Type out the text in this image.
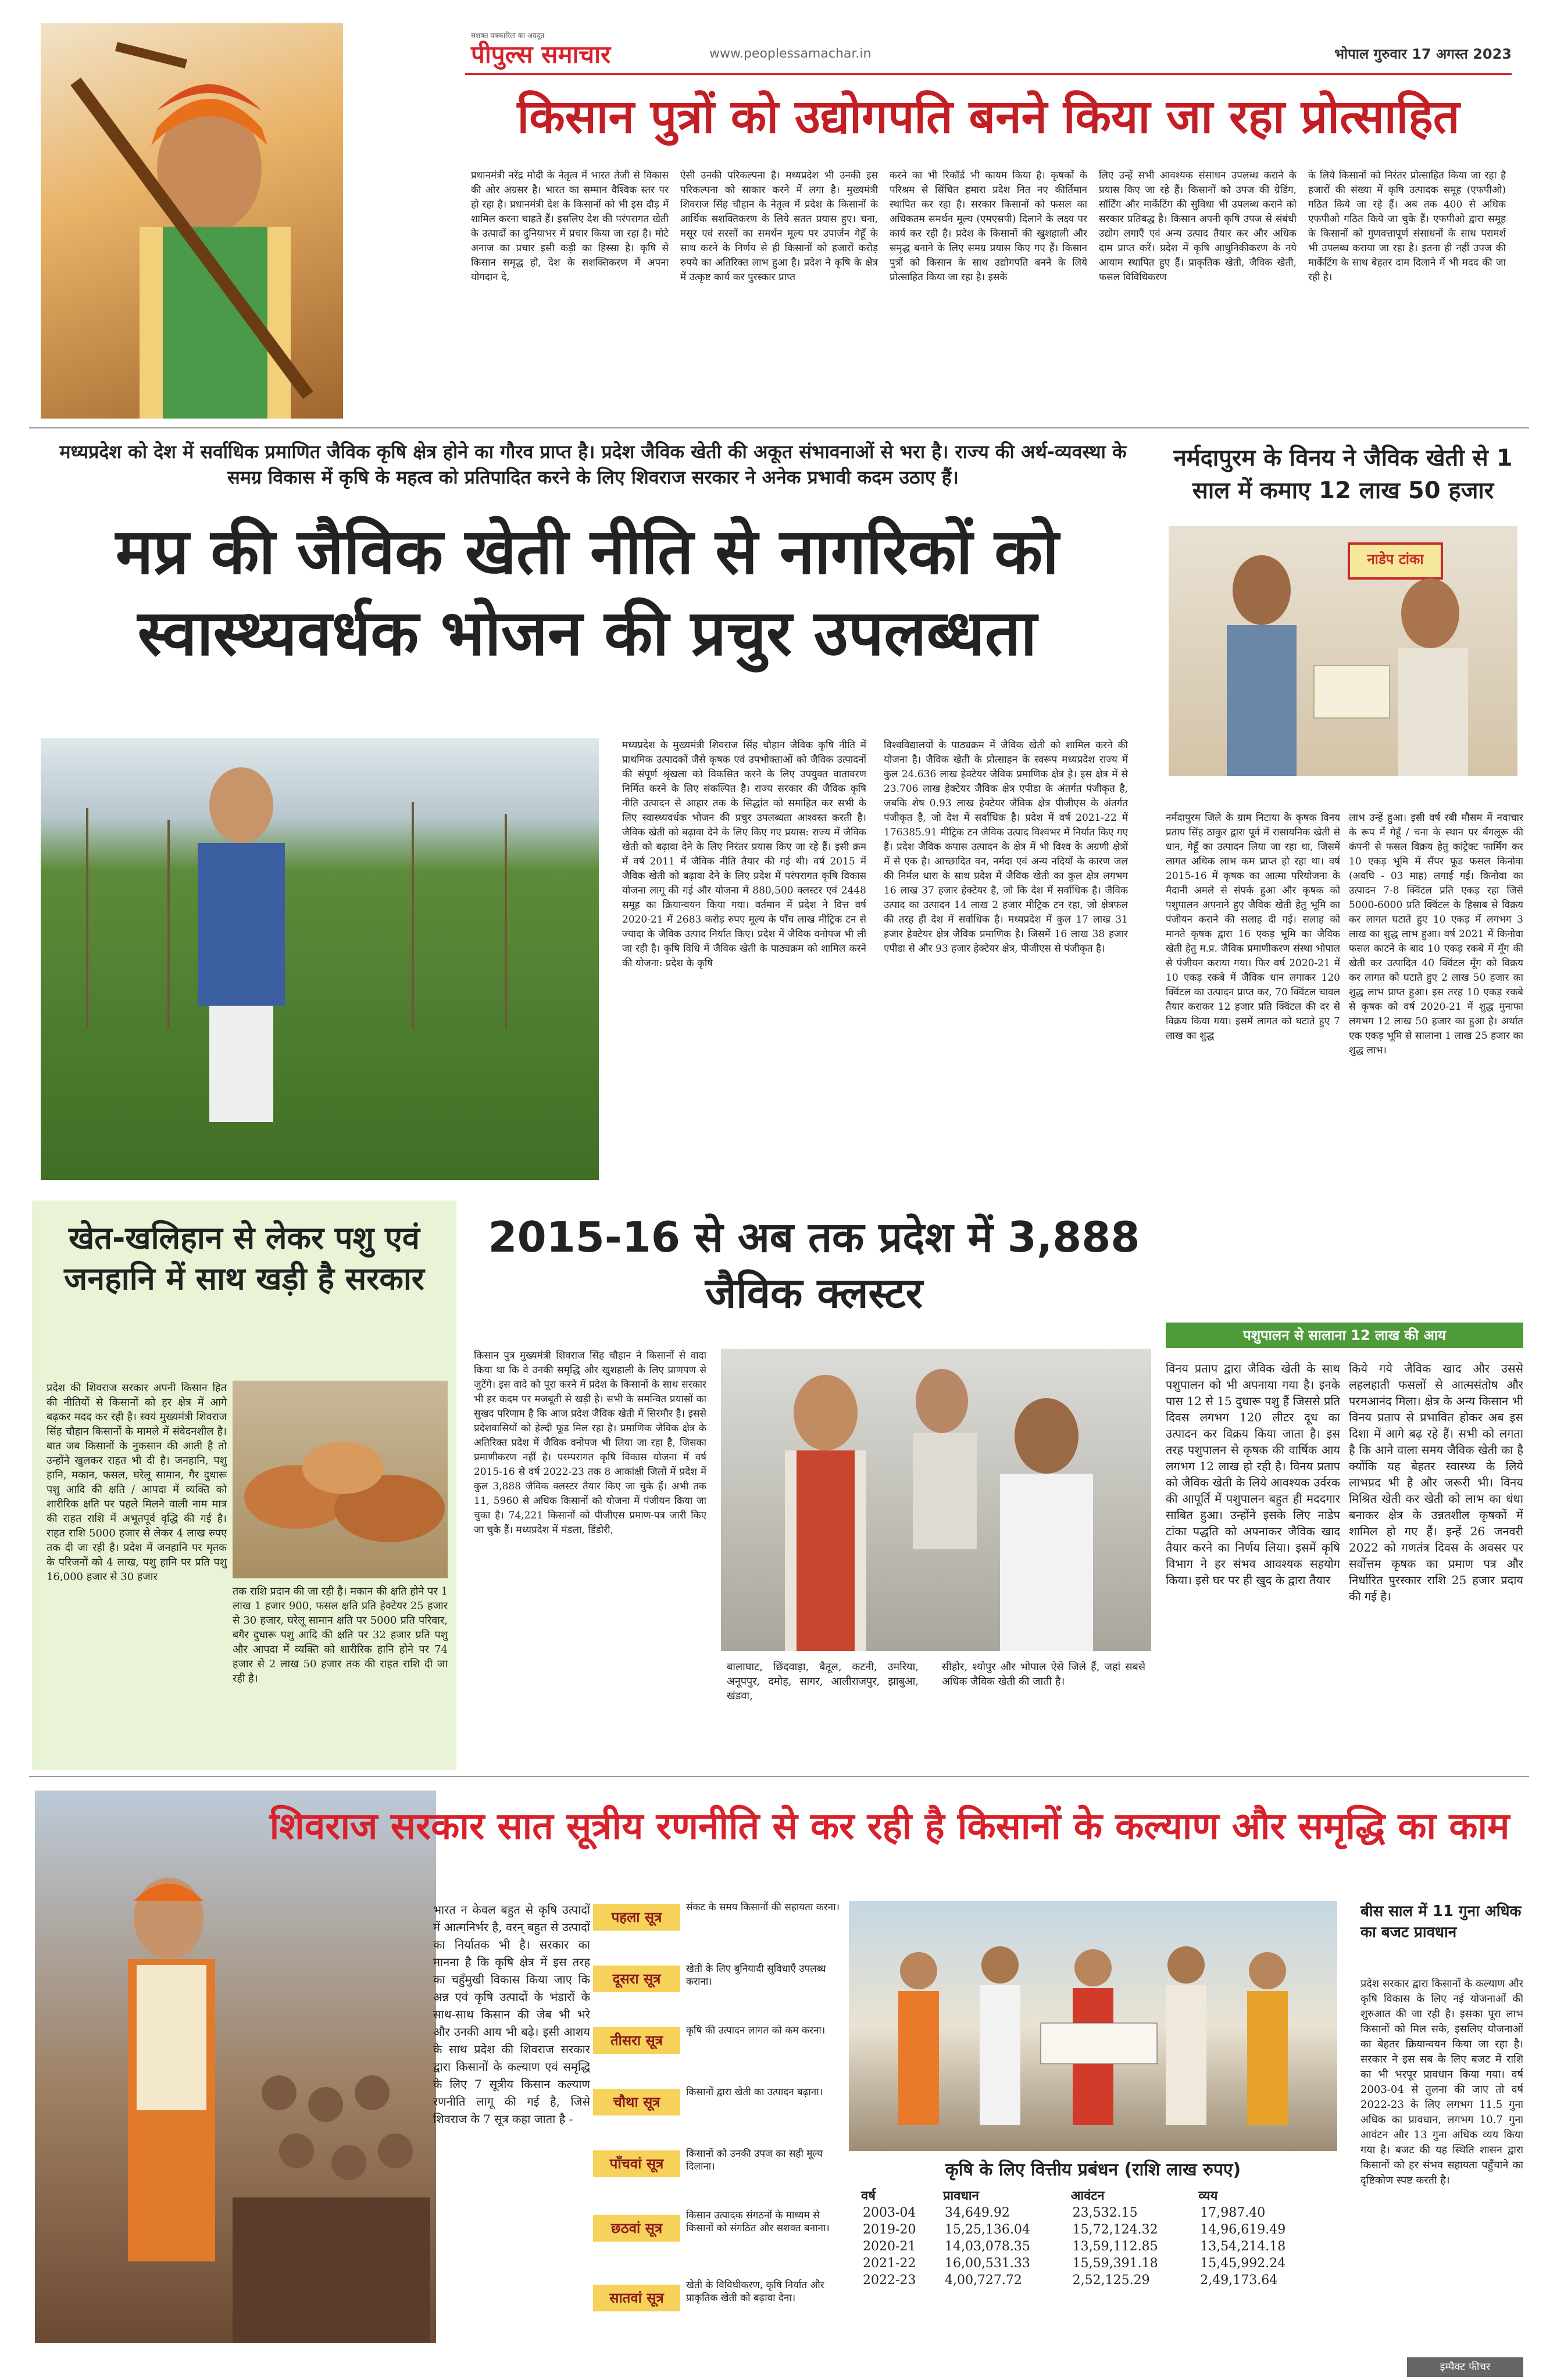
सशक्त पत्रकारिता का अग्रदूत
पीपुल्स समाचार	www.peoplessamachar.in	भोपाल गुरुवार 17 अगस्त 2023
किसान पुत्रों को उद्योगपति बनने किया जा रहा प्रोत्साहित
प्रधानमंत्री नरेंद्र मोदी के नेतृत्व में भारत तेजी से विकास की ओर अग्रसर है। भारत का सम्मान वैश्विक स्तर पर हो रहा है। प्रधानमंत्री देश के किसानों को भी इस दौड़ में शामिल करना चाहते हैं। इसलिए देश की परंपरागत खेती के उत्पादों का दुनियाभर में प्रचार किया जा रहा है। मोटे अनाज का प्रचार इसी कड़ी का हिस्सा है। कृषि से किसान समृद्ध हो, देश के सशक्तिकरण में अपना योगदान दे,
ऐसी उनकी परिकल्पना है। मध्यप्रदेश भी उनकी इस परिकल्पना को साकार करने में लगा है। मुख्यमंत्री शिवराज सिंह चौहान के नेतृत्व में प्रदेश के किसानों के आर्थिक सशक्तिकरण के लिये सतत प्रयास हुए। चना, मसूर एवं सरसों का समर्थन मूल्य पर उपार्जन गेहूँ के साथ करने के निर्णय से ही किसानों को हजारों करोड़ रुपये का अतिरिक्त लाभ हुआ है। प्रदेश ने कृषि के क्षेत्र में उत्कृष्ट कार्य कर पुरस्कार प्राप्त
करने का भी रिकॉर्ड भी कायम किया है। कृषकों के परिश्रम से सिंचित हमारा प्रदेश नित नए कीर्तिमान स्थापित कर रहा है। सरकार किसानों को फसल का अधिकतम समर्थन मूल्य (एमएसपी) दिलाने के लक्ष्य पर कार्य कर रही है। प्रदेश के किसानों की खुशहाली और समृद्ध बनाने के लिए समग्र प्रयास किए गए हैं। किसान पुत्रों को किसान के साथ उद्योगपति बनने के लिये प्रोत्साहित किया जा रहा है। इसके
लिए उन्हें सभी आवश्यक संसाधन उपलब्ध कराने के प्रयास किए जा रहे हैं। किसानों को उपज की ग्रेडिंग, सॉर्टिंग और मार्केटिंग की सुविधा भी उपलब्ध कराने को सरकार प्रतिबद्ध है। किसान अपनी कृषि उपज से संबंधी उद्योग लगाएँ एवं अन्य उत्पाद तैयार कर और अधिक दाम प्राप्त करें। प्रदेश में कृषि आधुनिकीकरण के नये आयाम स्थापित हुए हैं। प्राकृतिक खेती, जैविक खेती, फसल विविधिकरण
के लिये किसानों को निरंतर प्रोत्साहित किया जा रहा है हजारों की संख्या में कृषि उत्पादक समूह (एफपीओ) गठित किये जा रहे हैं। अब तक 400 से अधिक एफपीओ गठित किये जा चुके हैं। एफपीओ द्वारा समूह के किसानों को गुणवत्तापूर्ण संसाधनों के साथ परामर्श भी उपलब्ध कराया जा रहा है। इतना ही नहीं उपज की मार्केटिंग के साथ बेहतर दाम दिलाने में भी मदद की जा रही है।
मध्यप्रदेश को देश में सर्वाधिक प्रमाणित जैविक कृषि क्षेत्र होने का गौरव प्राप्त है। प्रदेश जैविक खेती की अकूत संभावनाओं से भरा है। राज्य की अर्थ-व्यवस्था के समग्र विकास में कृषि के महत्व को प्रतिपादित करने के लिए शिवराज सरकार ने अनेक प्रभावी कदम उठाए हैं।
मप्र की जैविक खेती नीति से नागरिकों को स्वास्थ्यवर्धक भोजन की प्रचुर उपलब्धता
मध्यप्रदेश के मुख्यमंत्री शिवराज सिंह चौहान जैविक कृषि नीति में प्राथमिक उत्पादकों जैसे कृषक एवं उपभोक्ताओं को जैविक उत्पादनों की संपूर्ण श्रृंखला को विकसित करने के लिए उपयुक्त वातावरण निर्मित करने के लिए संकल्पित है। राज्य सरकार की जैविक कृषि नीति उत्पादन से आहार तक के सिद्धांत को समाहित कर सभी के लिए स्वास्थ्यवर्धक भोजन की प्रचुर उपलब्धता आश्वस्त करती है। जैविक खेती को बढ़ावा देने के लिए किए गए प्रयास: राज्य में जैविक खेती को बढ़ावा देने के लिए निरंतर प्रयास किए जा रहे हैं। इसी क्रम में वर्ष 2011 में जैविक नीति तैयार की गई थी। वर्ष 2015 में जैविक खेती को बढ़ावा देने के लिए प्रदेश में परंपरागत कृषि विकास योजना लागू की गई और योजना में 880,500 क्लस्टर एवं 2448 समूह का क्रियान्वयन किया गया। वर्तमान में प्रदेश ने वित्त वर्ष 2020-21 में 2683 करोड़ रुपए मूल्य के पाँच लाख मीट्रिक टन से ज्यादा के जैविक उत्पाद निर्यात किए। प्रदेश में जैविक वनोपज भी ली जा रही है। कृषि विधि में जैविक खेती के पाठ्यक्रम को शामिल करने की योजना: प्रदेश के कृषि
विश्वविद्यालयों के पाठ्यक्रम में जैविक खेती को शामिल करने की योजना है। जैविक खेती के प्रोत्साहन के स्वरूप मध्यप्रदेश राज्य में कुल 24.636 लाख हेक्टेयर जैविक प्रमाणिक क्षेत्र है। इस क्षेत्र में से 23.706 लाख हेक्टेयर जैविक क्षेत्र एपीडा के अंतर्गत पंजीकृत है, जबकि शेष 0.93 लाख हेक्टेयर जैविक क्षेत्र पीजीएस के अंतर्गत पंजीकृत है, जो देश में सर्वाधिक है। प्रदेश में वर्ष 2021-22 में 176385.91 मीट्रिक टन जैविक उत्पाद विश्वभर में निर्यात किए गए हैं। प्रदेश जैविक कपास उत्पादन के क्षेत्र में भी विश्व के अग्रणी क्षेत्रों में से एक है। आच्छादित वन, नर्मदा एवं अन्य नदियों के कारण जल की निर्मल धारा के साथ प्रदेश में जैविक खेती का कुल क्षेत्र लगभग 16 लाख 37 हजार हेक्टेयर है, जो कि देश में सर्वाधिक है। जैविक उत्पाद का उत्पादन 14 लाख 2 हजार मीट्रिक टन रहा, जो क्षेत्रफल की तरह ही देश में सर्वाधिक है। मध्यप्रदेश में कुल 17 लाख 31 हजार हेक्टेयर क्षेत्र जैविक प्रमाणिक है। जिसमें 16 लाख 38 हजार एपीडा से और 93 हजार हेक्टेयर क्षेत्र, पीजीएस से पंजीकृत है।
नर्मदापुरम के विनय ने जैविक खेती से 1 साल में कमाए 12 लाख 50 हजार
नाडेप टांका
नर्मदापुरम जिले के ग्राम निटाया के कृषक विनय प्रताप सिंह ठाकुर द्वारा पूर्व में रासायनिक खेती से धान, गेहूँ का उत्पादन लिया जा रहा था, जिसमें लागत अधिक लाभ कम प्राप्त हो रहा था। वर्ष 2015-16 में कृषक का आत्मा परियोजना के मैदानी अमले से संपर्क हुआ और कृषक को पशुपालन अपनाने हुए जैविक खेती हेतु भूमि का पंजीयन कराने की सलाह दी गई। सलाह को मानते कृषक द्वारा 16 एकड़ भूमि का जैविक खेती हेतु म.प्र. जैविक प्रमाणीकरण संस्था भोपाल से पंजीयन कराया गया। फिर वर्ष 2020-21 में 10 एकड़ रकबे में जैविक धान लगाकर 120 क्विंटल का उत्पादन प्राप्त कर, 70 क्विंटल चावल तैयार कराकर 12 हजार प्रति क्विंटल की दर से विक्रय किया गया। इसमें लागत को घटाते हुए 7 लाख का शुद्ध
लाभ उन्हें हुआ। इसी वर्ष रबी मौसम में नवाचार के रूप में गेहूँ / चना के स्थान पर बैंगलूरू की कंपनी से फसल विक्रय हेतु कांट्रेक्ट फार्मिंग कर 10 एकड़ भूमि में सैंपर फूड फसल किनोवा (अवधि - 03 माह) लगाई गई। किनोवा का उत्पादन 7-8 क्विंटल प्रति एकड़ रहा जिसे 5000-6000 प्रति क्विंटल के हिसाब से विक्रय कर लागत घटाते हुए 10 एकड़ में लगभग 3 लाख का शुद्ध लाभ हुआ। वर्ष 2021 में किनोवा फसल काटने के बाद 10 एकड़ रकबे में मूँग की खेती कर उत्पादित 40 क्विंटल मूँग को विक्रय कर लागत को घटाते हुए 2 लाख 50 हजार का शुद्ध लाभ प्राप्त हुआ। इस तरह 10 एकड़ रकबे से कृषक को वर्ष 2020-21 में शुद्ध मुनाफा लगभग 12 लाख 50 हजार का हुआ है। अर्थात एक एकड़ भूमि से सालाना 1 लाख 25 हजार का शुद्ध लाभ।
पशुपालन से सालाना 12 लाख की आय
विनय प्रताप द्वारा जैविक खेती के साथ पशुपालन को भी अपनाया गया है। इनके पास 12 से 15 दुधारू पशु हैं जिससे प्रति दिवस लगभग 120 लीटर दूध का उत्पादन कर विक्रय किया जाता है। इस तरह पशुपालन से कृषक की वार्षिक आय लगभग 12 लाख हो रही है। विनय प्रताप को जैविक खेती के लिये आवश्यक उर्वरक की आपूर्ति में पशुपालन बहुत ही मददगार साबित हुआ। उन्होंने इसके लिए नाडेप टांका पद्धति को अपनाकर जैविक खाद तैयार करने का निर्णय लिया। इसमें कृषि विभाग ने हर संभव आवश्यक सहयोग किया। इसे घर पर ही खुद के द्वारा तैयार
किये गये जैविक खाद और उससे लहलहाती फसलों से आत्मसंतोष और परमआनंद मिला। क्षेत्र के अन्य किसान भी विनय प्रताप से प्रभावित होकर अब इस दिशा में आगे बढ़ रहे हैं। सभी को लगता है कि आने वाला समय जैविक खेती का है क्योंकि यह बेहतर स्वास्थ्य के लिये लाभप्रद भी है और जरूरी भी। विनय मिश्रित खेती कर खेती को लाभ का धंधा बनाकर क्षेत्र के उन्नतशील कृषकों में शामिल हो गए हैं। इन्हें 26 जनवरी 2022 को गणतंत्र दिवस के अवसर पर सर्वोत्तम कृषक का प्रमाण पत्र और निर्धारित पुरस्कार राशि 25 हजार प्रदाय की गई है।
खेत-खलिहान से लेकर पशु एवं जनहानि में साथ खड़ी है सरकार
प्रदेश की शिवराज सरकार अपनी किसान हित की नीतियों से किसानों को हर क्षेत्र में आगे बढ़कर मदद कर रही है। स्वयं मुख्यमंत्री शिवराज सिंह चौहान किसानों के मामले में संवेदनशील है। बात जब किसानों के नुकसान की आती है तो उन्होंने खुलकर राहत भी दी है। जनहानि, पशु हानि, मकान, फसल, घरेलू सामान, गैर दुधारू पशु आदि की क्षति / आपदा में व्यक्ति को शारीरिक क्षति पर पहले मिलने वाली नाम मात्र की राहत राशि में अभूतपूर्व वृद्धि की गई है। राहत राशि 5000 हजार से लेकर 4 लाख रुपए तक दी जा रही है। प्रदेश में जनहानि पर मृतक के परिजनों को 4 लाख, पशु हानि पर प्रति पशु 16,000 हजार से 30 हजार
तक राशि प्रदान की जा रही है। मकान की क्षति होने पर 1 लाख 1 हजार 900, फसल क्षति प्रति हेक्टेयर 25 हजार से 30 हजार, घरेलू सामान क्षति पर 5000 प्रति परिवार, बगैर दुधारू पशु आदि की क्षति पर 32 हजार प्रति पशु और आपदा में व्यक्ति को शारीरिक हानि होने पर 74 हजार से 2 लाख 50 हजार तक की राहत राशि दी जा रही है।
2015-16 से अब तक प्रदेश में 3,888 जैविक क्लस्टर
किसान पुत्र मुख्यमंत्री शिवराज सिंह चौहान ने किसानों से वादा किया था कि वे उनकी समृद्धि और खुशहाली के लिए प्राणपण से जुटेंगे। इस वादे को पूरा करने में प्रदेश के किसानों के साथ सरकार भी हर कदम पर मजबूती से खड़ी है। सभी के समन्वित प्रयासों का सुखद परिणाम है कि आज प्रदेश जैविक खेती में सिरमौर है। इससे प्रदेशवासियों को हेल्दी फूड मिल रहा है। प्रमाणिक जैविक क्षेत्र के अतिरिक्त प्रदेश में जैविक वनोपज भी लिया जा रहा है, जिसका प्रमाणीकरण नहीं है। परम्परागत कृषि विकास योजना में वर्ष 2015-16 से वर्ष 2022-23 तक 8 आकांक्षी जिलों में प्रदेश में कुल 3,888 जैविक क्लस्टर तैयार किए जा चुके हैं। अभी तक 11, 5960 से अधिक किसानों को योजना में पंजीयन किया जा चुका है। 74,221 किसानों को पीजीएस प्रमाण-पत्र जारी किए जा चुके हैं। मध्यप्रदेश में मंडला, डिंडोरी,
बालाघाट, छिंदवाड़ा, बैतूल, कटनी, उमरिया, अनूपपुर, दमोह, सागर, आलीराजपुर, झाबुआ, खंडवा,
सीहोर, श्योपुर और भोपाल ऐसे जिले हैं, जहां सबसे अधिक जैविक खेती की जाती है।
शिवराज सरकार सात सूत्रीय रणनीति से कर रही है किसानों के कल्याण और समृद्धि का काम
भारत न केवल बहुत से कृषि उत्पादों में आत्मनिर्भर है, वरन् बहुत से उत्पादों का निर्यातक भी है। सरकार का मानना है कि कृषि क्षेत्र में इस तरह का चहुँमुखी विकास किया जाए कि अन्न एवं कृषि उत्पादों के भंडारों के साथ-साथ किसान की जेब भी भरे और उनकी आय भी बढ़े। इसी आशय के साथ प्रदेश की शिवराज सरकार द्वारा किसानों के कल्याण एवं समृद्धि के लिए 7 सूत्रीय किसान कल्याण रणनीति लागू की गई है, जिसे शिवराज के 7 सूत्र कहा जाता है -
पहला सूत्र
संकट के समय किसानों की सहायता करना।
दूसरा सूत्र
खेती के लिए बुनियादी सुविधाएँ उपलब्ध कराना।
तीसरा सूत्र
कृषि की उत्पादन लागत को कम करना।
चौथा सूत्र
किसानों द्वारा खेती का उत्पादन बढ़ाना।
पाँचवां सूत्र
किसानों को उनकी उपज का सही मूल्य दिलाना।
छठवां सूत्र
किसान उत्पादक संगठनों के माध्यम से किसानों को संगठित और सशक्त बनाना।
सातवां सूत्र
खेती के विविधीकरण, कृषि निर्यात और प्राकृतिक खेती को बढ़ावा देना।
कृषि के लिए वित्तीय प्रबंधन (राशि लाख रुपए)
वर्ष	प्रावधान	आवंटन	व्यय
2003-04	34,649.92	23,532.15	17,987.40
2019-20	15,25,136.04	15,72,124.32	14,96,619.49
2020-21	14,03,078.35	13,59,112.85	13,54,214.18
2021-22	16,00,531.33	15,59,391.18	15,45,992.24
2022-23	4,00,727.72	2,52,125.29	2,49,173.64
बीस साल में 11 गुना अधिक का बजट प्रावधान
प्रदेश सरकार द्वारा किसानों के कल्याण और कृषि विकास के लिए नई योजनाओं की शुरुआत की जा रही है। इसका पूरा लाभ किसानों को मिल सके, इसलिए योजनाओं का बेहतर क्रियान्वयन किया जा रहा है। सरकार ने इस सब के लिए बजट में राशि का भी भरपूर प्रावधान किया गया। वर्ष 2003-04 से तुलना की जाए तो वर्ष 2022-23 के लिए लगभग 11.5 गुना अधिक का प्रावधान, लगभग 10.7 गुना आवंटन और 13 गुना अधिक व्यय किया गया है। बजट की यह स्थिति शासन द्वारा किसानों को हर संभव सहायता पहुँचाने का दृष्टिकोण स्पष्ट करती है।
इम्पैक्ट फीचर
